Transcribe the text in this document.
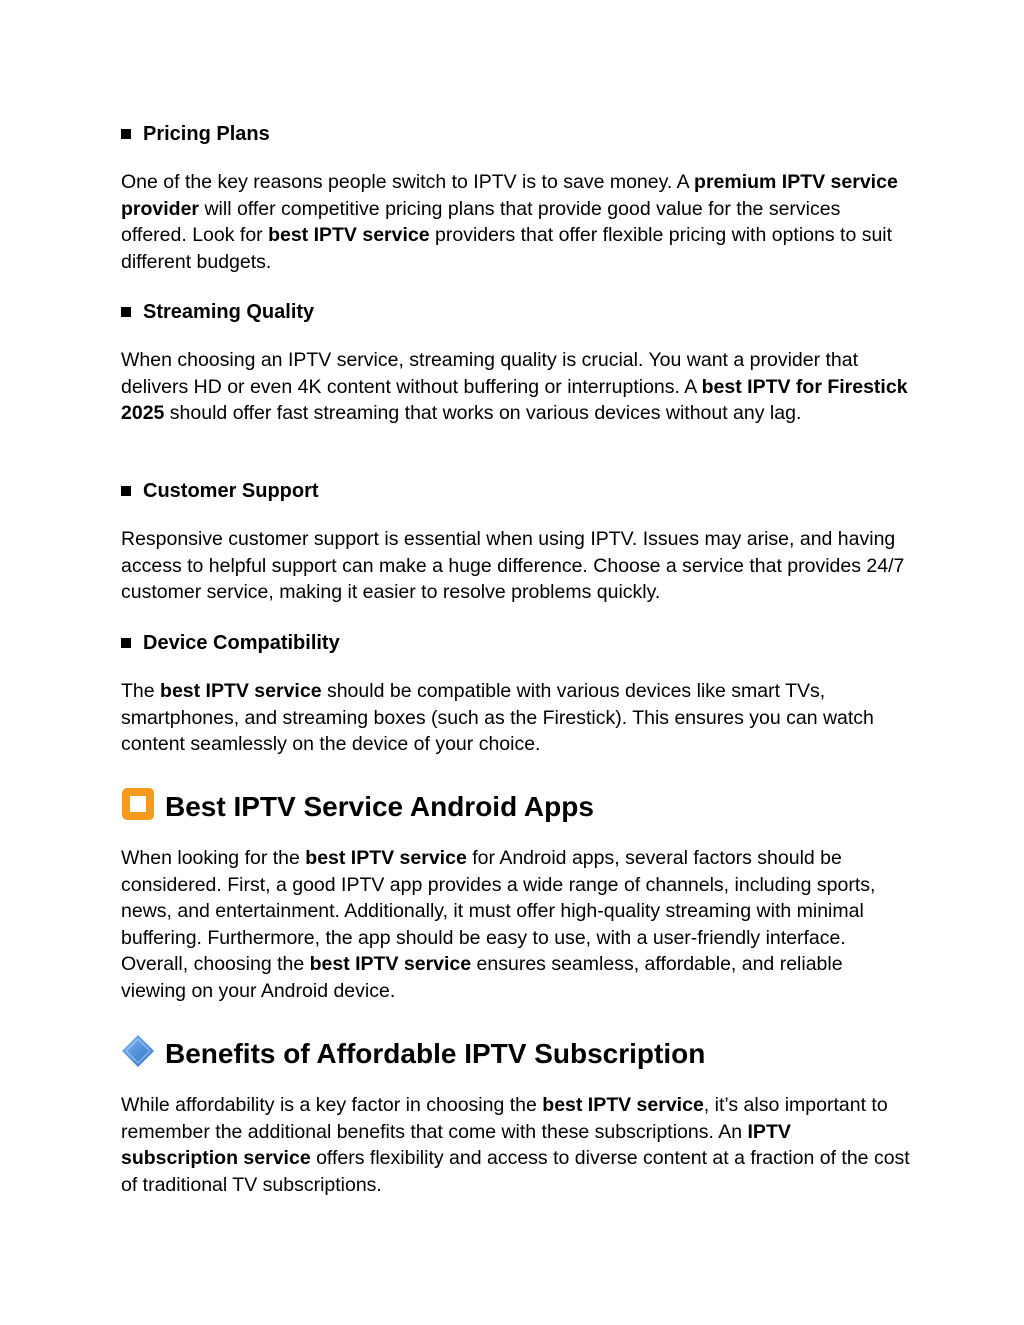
Pricing Plans

One of the key reasons people switch to IPTV is to save money. A premium IPTV service provider will offer competitive pricing plans that provide good value for the services offered. Look for best IPTV service providers that offer flexible pricing with options to suit different budgets.

Streaming Quality

When choosing an IPTV service, streaming quality is crucial. You want a provider that delivers HD or even 4K content without buffering or interruptions. A best IPTV for Firestick 2025 should offer fast streaming that works on various devices without any lag.

Customer Support

Responsive customer support is essential when using IPTV. Issues may arise, and having access to helpful support can make a huge difference. Choose a service that provides 24/7 customer service, making it easier to resolve problems quickly.

Device Compatibility

The best IPTV service should be compatible with various devices like smart TVs, smartphones, and streaming boxes (such as the Firestick). This ensures you can watch content seamlessly on the device of your choice.

Best IPTV Service Android Apps

When looking for the best IPTV service for Android apps, several factors should be considered. First, a good IPTV app provides a wide range of channels, including sports, news, and entertainment. Additionally, it must offer high-quality streaming with minimal buffering. Furthermore, the app should be easy to use, with a user-friendly interface. Overall, choosing the best IPTV service ensures seamless, affordable, and reliable viewing on your Android device.

Benefits of Affordable IPTV Subscription

While affordability is a key factor in choosing the best IPTV service, it’s also important to remember the additional benefits that come with these subscriptions. An IPTV subscription service offers flexibility and access to diverse content at a fraction of the cost of traditional TV subscriptions.
